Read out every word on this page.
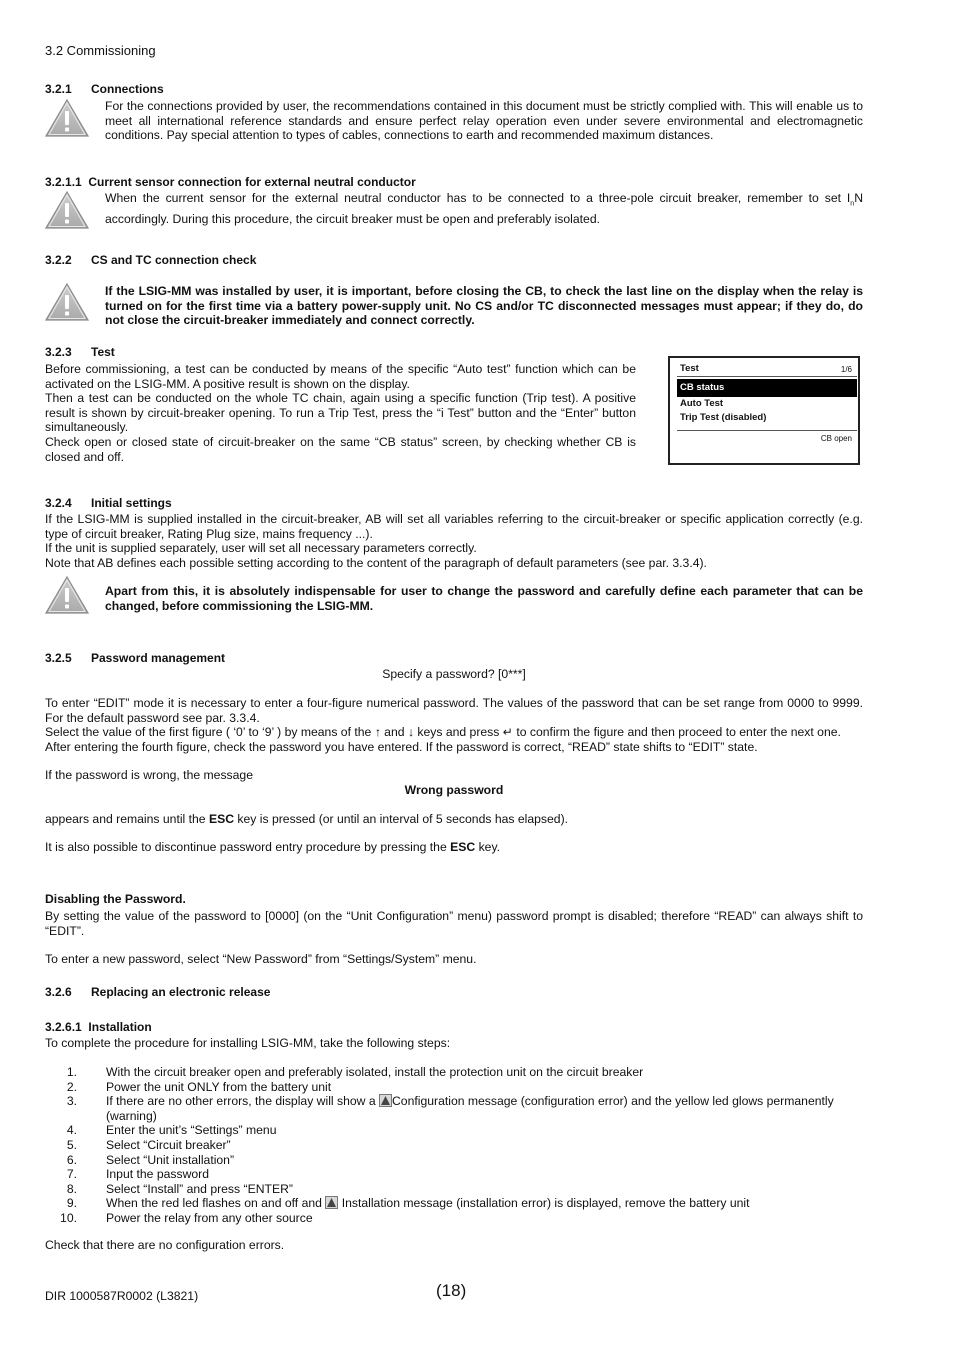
3.2 Commissioning
3.2.1 Connections
For the connections provided by user, the recommendations contained in this document must be strictly complied with. This will enable us to meet all international reference standards and ensure perfect relay operation even under severe environmental and electromagnetic conditions. Pay special attention to types of cables, connections to earth and recommended maximum distances.
3.2.1.1 Current sensor connection for external neutral conductor
When the current sensor for the external neutral conductor has to be connected to a three-pole circuit breaker, remember to set $I_nN$ accordingly. During this procedure, the circuit breaker must be open and preferably isolated.
3.2.2 CS and TC connection check
If the LSIG-MM was installed by user, it is important, before closing the CB, to check the last line on the display when the relay is turned on for the first time via a battery power-supply unit. No CS and/or TC disconnected messages must appear; if they do, do not close the circuit-breaker immediately and connect correctly.
3.2.3 Test
Before commissioning, a test can be conducted by means of the specific “Auto test” function which can be activated on the LSIG-MM. A positive result is shown on the display.
Then a test can be conducted on the whole TC chain, again using a specific function (Trip test). A positive result is shown by circuit-breaker opening. To run a Trip Test, press the “i Test” button and the “Enter” button simultaneously.
Check open or closed state of circuit-breaker on the same “CB status” screen, by checking whether CB is closed and off.
Test	1/6
CB status
Auto Test
Trip Test (disabled)
CB open
3.2.4 Initial settings
If the LSIG-MM is supplied installed in the circuit-breaker, AB will set all variables referring to the circuit-breaker or specific application correctly (e.g. type of circuit breaker, Rating Plug size, mains frequency ...).
If the unit is supplied separately, user will set all necessary parameters correctly.
Note that AB defines each possible setting according to the content of the paragraph of default parameters (see par. 3.3.4).
Apart from this, it is absolutely indispensable for user to change the password and carefully define each parameter that can be changed, before commissioning the LSIG-MM.
3.2.5 Password management
Specify a password? [0***]
To enter “EDIT” mode it is necessary to enter a four-figure numerical password. The values of the password that can be set range from 0000 to 9999. For the default password see par. 3.3.4.
Select the value of the first figure ( ‘0’ to ‘9’ ) by means of the ↑ and ↓ keys and press ↵ to confirm the figure and then proceed to enter the next one.
After entering the fourth figure, check the password you have entered. If the password is correct, “READ” state shifts to “EDIT” state.
If the password is wrong, the message
Wrong password
appears and remains until the ESC key is pressed (or until an interval of 5 seconds has elapsed).
It is also possible to discontinue password entry procedure by pressing the ESC key.
Disabling the Password.
By setting the value of the password to [0000] (on the “Unit Configuration” menu) password prompt is disabled; therefore “READ” can always shift to “EDIT”.
To enter a new password, select “New Password” from “Settings/System” menu.
3.2.6 Replacing an electronic release
3.2.6.1 Installation
To complete the procedure for installing LSIG-MM, take the following steps:
1. With the circuit breaker open and preferably isolated, install the protection unit on the circuit breaker
2. Power the unit ONLY from the battery unit
3. If there are no other errors, the display will show a Configuration message (configuration error) and the yellow led glows permanently (warning)
4. Enter the unit’s “Settings” menu
5. Select “Circuit breaker”
6. Select “Unit installation”
7. Input the password
8. Select “Install” and press “ENTER”
9. When the red led flashes on and off and Installation message (installation error) is displayed, remove the battery unit
10. Power the relay from any other source
Check that there are no configuration errors.
DIR 1000587R0002 (L3821)	(18)
